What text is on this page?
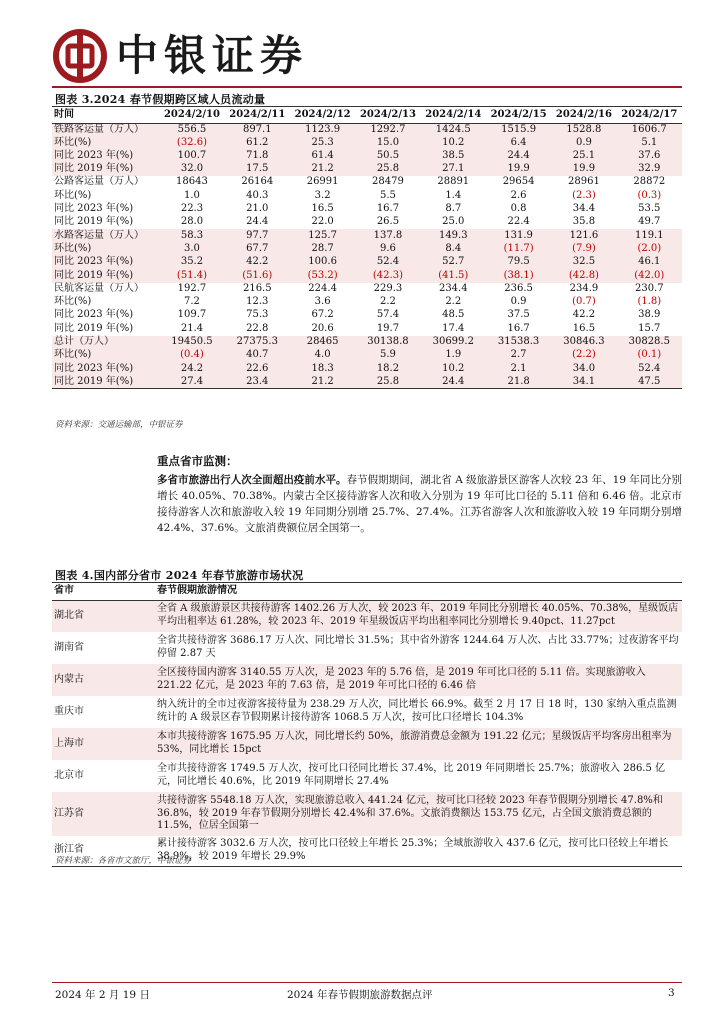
中银证券
图表 3.2024 春节假期跨区域人员流动量
时间	2024/2/10	2024/2/11	2024/2/12	2024/2/13	2024/2/14	2024/2/15	2024/2/16	2024/2/17
铁路客运量（万人）	556.5	897.1	1123.9	1292.7	1424.5	1515.9	1528.8	1606.7
环比(%)	(32.6)	61.2	25.3	15.0	10.2	6.4	0.9	5.1
同比 2023 年(%)	100.7	71.8	61.4	50.5	38.5	24.4	25.1	37.6
同比 2019 年(%)	32.0	17.5	21.2	25.8	27.1	19.9	19.9	32.9
公路客运量（万人）	18643	26164	26991	28479	28891	29654	28961	28872
环比(%)	1.0	40.3	3.2	5.5	1.4	2.6	(2.3)	(0.3)
同比 2023 年(%)	22.3	21.0	16.5	16.7	8.7	0.8	34.4	53.5
同比 2019 年(%)	28.0	24.4	22.0	26.5	25.0	22.4	35.8	49.7
水路客运量（万人）	58.3	97.7	125.7	137.8	149.3	131.9	121.6	119.1
环比(%)	3.0	67.7	28.7	9.6	8.4	(11.7)	(7.9)	(2.0)
同比 2023 年(%)	35.2	42.2	100.6	52.4	52.7	79.5	32.5	46.1
同比 2019 年(%)	(51.4)	(51.6)	(53.2)	(42.3)	(41.5)	(38.1)	(42.8)	(42.0)
民航客运量（万人）	192.7	216.5	224.4	229.3	234.4	236.5	234.9	230.7
环比(%)	7.2	12.3	3.6	2.2	2.2	0.9	(0.7)	(1.8)
同比 2023 年(%)	109.7	75.3	67.2	57.4	48.5	37.5	42.2	38.9
同比 2019 年(%)	21.4	22.8	20.6	19.7	17.4	16.7	16.5	15.7
总计（万人）	19450.5	27375.3	28465	30138.8	30699.2	31538.3	30846.3	30828.5
环比(%)	(0.4)	40.7	4.0	5.9	1.9	2.7	(2.2)	(0.1)
同比 2023 年(%)	24.2	22.6	18.3	18.2	10.2	2.1	34.0	52.4
同比 2019 年(%)	27.4	23.4	21.2	25.8	24.4	21.8	34.1	47.5
资料来源：交通运输部，中银证券
重点省市监测：
多省市旅游出行人次全面超出疫前水平。春节假期期间，湖北省 A 级旅游景区游客人次较 23 年、19 年同比分别增长 40.05%、70.38%。内蒙古全区接待游客人次和收入分别为 19 年可比口径的 5.11 倍和 6.46 倍。北京市接待游客人次和旅游收入较 19 年同期分别增 25.7%、27.4%。江苏省游客人次和旅游收入较 19 年同期分别增 42.4%、37.6%。文旅消费额位居全国第一。
图表 4.国内部分省市 2024 年春节旅游市场状况
省市	春节假期旅游情况
湖北省	全省 A 级旅游景区共接待游客 1402.26 万人次，较 2023 年、2019 年同比分别增长 40.05%、70.38%，星级饭店平均出租率达 61.28%，较 2023 年、2019 年星级饭店平均出租率同比分别增长 9.40pct、11.27pct
湖南省	全省共接待游客 3686.17 万人次、同比增长 31.5%；其中省外游客 1244.64 万人次、占比 33.77%；过夜游客平均停留 2.87 天
内蒙古	全区接待国内游客 3140.55 万人次，是 2023 年的 5.76 倍，是 2019 年可比口径的 5.11 倍。实现旅游收入 221.22 亿元，是 2023 年的 7.63 倍，是 2019 年可比口径的 6.46 倍
重庆市	纳入统计的全市过夜游客接待量为 238.29 万人次，同比增长 66.9%。截至 2 月 17 日 18 时，130 家纳入重点监测统计的 A 级景区春节假期累计接待游客 1068.5 万人次，按可比口径增长 104.3%
上海市	本市共接待游客 1675.95 万人次，同比增长约 50%，旅游消费总金额为 191.22 亿元；星级饭店平均客房出租率为 53%，同比增长 15pct
北京市	全市共接待游客 1749.5 万人次，按可比口径同比增长 37.4%，比 2019 年同期增长 25.7%；旅游收入 286.5 亿元，同比增长 40.6%，比 2019 年同期增长 27.4%
江苏省	共接待游客 5548.18 万人次，实现旅游总收入 441.24 亿元，按可比口径较 2023 年春节假期分别增长 47.8%和 36.8%，较 2019 年春节假期分别增长 42.4%和 37.6%。文旅消费额达 153.75 亿元，占全国文旅消费总额的 11.5%，位居全国第一
浙江省	累计接待游客 3032.6 万人次，按可比口径较上年增长 25.3%；全域旅游收入 437.6 亿元，按可比口径较上年增长 38.9%，较 2019 年增长 29.9%
资料来源：各省市文旅厅，中银证券
2024 年 2 月 19 日	2024 年春节假期旅游数据点评	3
